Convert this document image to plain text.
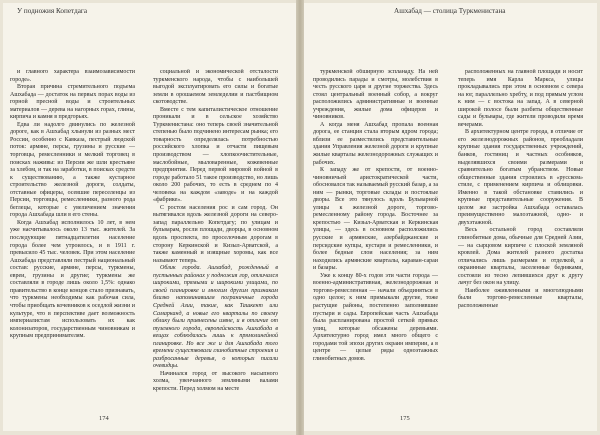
У подножия Копетдага

и главного характера взаимозависимости городе».

Вторая причина стремительного подъема Ашхабада — достаток на первых порах воды из горной пресной воды и строительных материалов — дерева на нагорных горах, глины, кирпича и камня в предгорьях.

Едва ли надолго двинулись по железной дороге, как в Ашхабад хлынули из разных мест России, особенно с Кавказа, пестрый людской поток: армяне, персы, грузины и русские — торговцы, ремесленники и мелкий торговец в поисках наживы: из Персии же шли крестьяне за хлебом, и так на заработки, в поисках средств к существованию, а также кустарное строительство железной дороги, солдаты, отставные офицеры, осевшие переселенцы из Персии, торговцы, ремесленники, разного рода беглецы, которые с увеличением значения города Ашхабада шли в его стены.

Когда Ашхабад исполнилось 10 лет, в нем уже насчитывалось около 13 тыс. жителей. За последующие пятнадцатилетия население города более чем утроилось, и в 1911 г. превысило 45 тыс. человек. При этом население Ашхабада представляли пестрый национальный состав: русские, армяне, персы, туркмены, евреи, грузины и другие; туркмены же составляли в городе лишь около 1,5%: однако правительство в конце концов стало признавать, что туркмены необходимы как рабочая сила, чтобы приобщать кочевников к оседлой жизни и культуре, что в перспективе дает возможность империалистам использовать их как колонизаторов, государственным чиновникам и крупным предпринимателям.

социальной и экономической отсталости туркменского народа, чтобы с наибольшей выгодой эксплуатировать его силы и богатые земли в орошаемом земледелии и пастбищном скотоводстве.

Вместе с тем капиталистическое отношение проникали и в сельское хозяйство Туркменистана: оно теперь своей значительной степенью было подчинено интересам рынка; его товарность определялась потребностью российского хлопка и отчасти пищевым производством — хлопкоочистительные, маслобойные, мыловаренные, кожевенные предприятия. Перед первой мировой войной в городе работало 51 такое производство, но лишь около 200 рабочих, то есть в среднем по 4 человека на каждом «заводе» и на каждой «фабрике».

С ростом населения рос и сам город. Он вытягивался вдоль железной дороги на северо-запад параллельно Копетдагу; по улицам и бульварам, росли площади, дворцы, в основном вдоль проспекта, по проселочным дорогам в сторону Керкинской и Кизыл-Арватской, а также каменный и изящные хоромы, как все называют теперь.

Облик города. Ашхабад, рожденный в пустынных районах у подножия гор, отличался широкими, прямыми и широкими улицами, по своей планировке и многим другим признакам близко напоминавшим пограничные города Средней Азии, такие, как Ташкент или Самарканд, а новые его кварталы по своему облику были привнесены извне, и в отличие от туземного города, европейскость Ашхабада в вещах соблюдалась лишь к прямолинейной планировке. Но все же и для Ашхабада того времени существовали глинобитные строения и разбросанные деревья, о которых писали очевидцы.

Начинался город от высокого насыпного холма, увенчанного земляными валами крепости. Перед холмом на месте

174
Ашхабад — столица Туркменистана

туркменской обширную эспланаду. На ней проводились парады и смотры, молебствия в честь русского царя и другие торжества. Здесь стоял центральный военный собор, а вокруг расположились административные и военные учреждения, жилые дома офицеров и чиновников.

А когда меня Ашхабад пропала военная дорога, ее станция стала вторым ядром города; вблизи ее разместились представительные здания Управления железной дороги и крупные жилые кварталы железнодорожных служащих и рабочих.

К западу же от крепости, от военно-чиновничьей аристократической части, обосновался так называемый русский базар, а за ним — рынки, торговые склады и постоялые дворы. Все это тянулось вдоль Бульварной улицы к железной дороге, торгово-ремесленному району города. Восточнее за крепостью — Кизыл-Арватская и Керкинская улицы, — здесь в основном расположились русские и армянские, азербайджанские и персидские купцы, кустари и ремесленники, и более бедные слои населения; за ним находились армянские кварталы, караван-сараи и базары.

Уже к концу 80-х годов эти части города — военно-административная, железнодорожная и торгово-ремесленная — начали объединяться в одно целое; к ним примыкали другие, тоже растущие районы, постепенно заполнявшие пустыри и сады. Европейская часть Ашхабада была распланирована простой сеткой прямых улиц, которые обсажены деревьями. Архитектурно город имел много общего с городами той эпохи других окраин империи, а в центре — целые ряды одноэтажных глинобитных домов.

расположенных на главной площади и носит теперь имя Карла Маркса, улицы прокладывались при этом в основном с севера на юг, параллельно хребту, и под прямым углом к ним — с востока на запад. А в северной широкой полосе были разбиты общественные сады и бульвары, где жители проводили время вечерами.

В архитектурном центре города, в отличие от его железнодорожных районов, преобладали крупные здания государственных учреждений, банков, гостиниц и частных особняков, выделявшихся своими размерами и сравнительно богатым убранством. Новые общественные здания строились в «русском» стиле, с применением кирпича и облицовки. Именно в такой обстановке ставились и крупные представительные сооружения. В целом же застройка Ашхабада оставалась преимущественно малоэтажной, одно- и двухэтажной.

Весь остальной город составляли глинобитные дома, обычные для Средней Азии, — на сырцовом кирпиче с плоской земляной кровлей. Дома жителей разного достатка отличались лишь размерами и отделкой, а окраинные кварталы, заселенные бедняками, состояли из тесно лепившихся друг к другу лачуг без окон на улицу.

Наиболее оживленными и многолюдными были торгово-ремесленные кварталы, расположенные

175
